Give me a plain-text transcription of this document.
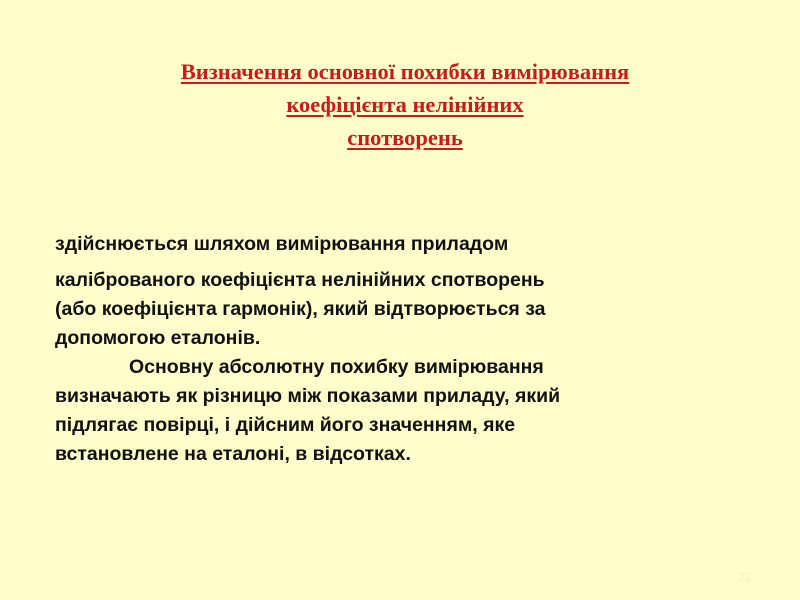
Визначення основної похибки вимірювання
коефіцієнта нелінійних
спотворень
здійснюється шляхом вимірювання приладом
каліброваного коефіцієнта нелінійних спотворень
(або коефіцієнта гармонік), який відтворюється за
допомогою еталонів.
Основну абсолютну похибку вимірювання
визначають як різницю між показами приладу, який
підлягає повірці, і дійсним його значенням, яке
встановлене на еталоні, в відсотках.
22
